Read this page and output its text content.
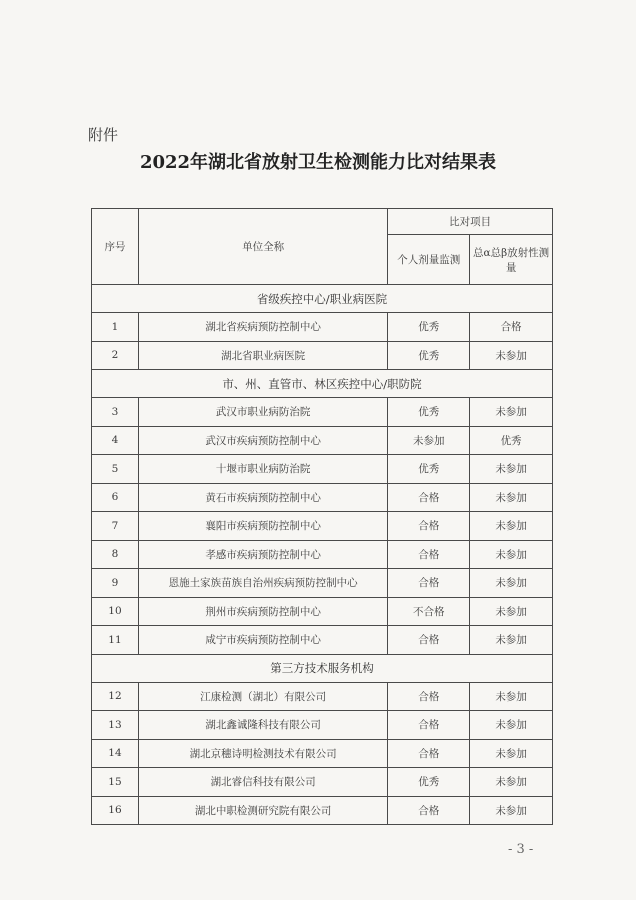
附件
2022年湖北省放射卫生检测能力比对结果表
序号	单位全称	比对项目	
		个人剂量监测	总α总β放射性测量
省级疾控中心/职业病医院			
1	湖北省疾病预防控制中心	优秀	合格
2	湖北省职业病医院	优秀	未参加
市、州、直管市、林区疾控中心/职防院			
3	武汉市职业病防治院	优秀	未参加
4	武汉市疾病预防控制中心	未参加	优秀
5	十堰市职业病防治院	优秀	未参加
6	黄石市疾病预防控制中心	合格	未参加
7	襄阳市疾病预防控制中心	合格	未参加
8	孝感市疾病预防控制中心	合格	未参加
9	恩施土家族苗族自治州疾病预防控制中心	合格	未参加
10	荆州市疾病预防控制中心	不合格	未参加
11	咸宁市疾病预防控制中心	合格	未参加
第三方技术服务机构			
12	江康检测（湖北）有限公司	合格	未参加
13	湖北鑫诚隆科技有限公司	合格	未参加
14	湖北京穗诗明检测技术有限公司	合格	未参加
15	湖北睿信科技有限公司	优秀	未参加
16	湖北中职检测研究院有限公司	合格	未参加
- 3 -
